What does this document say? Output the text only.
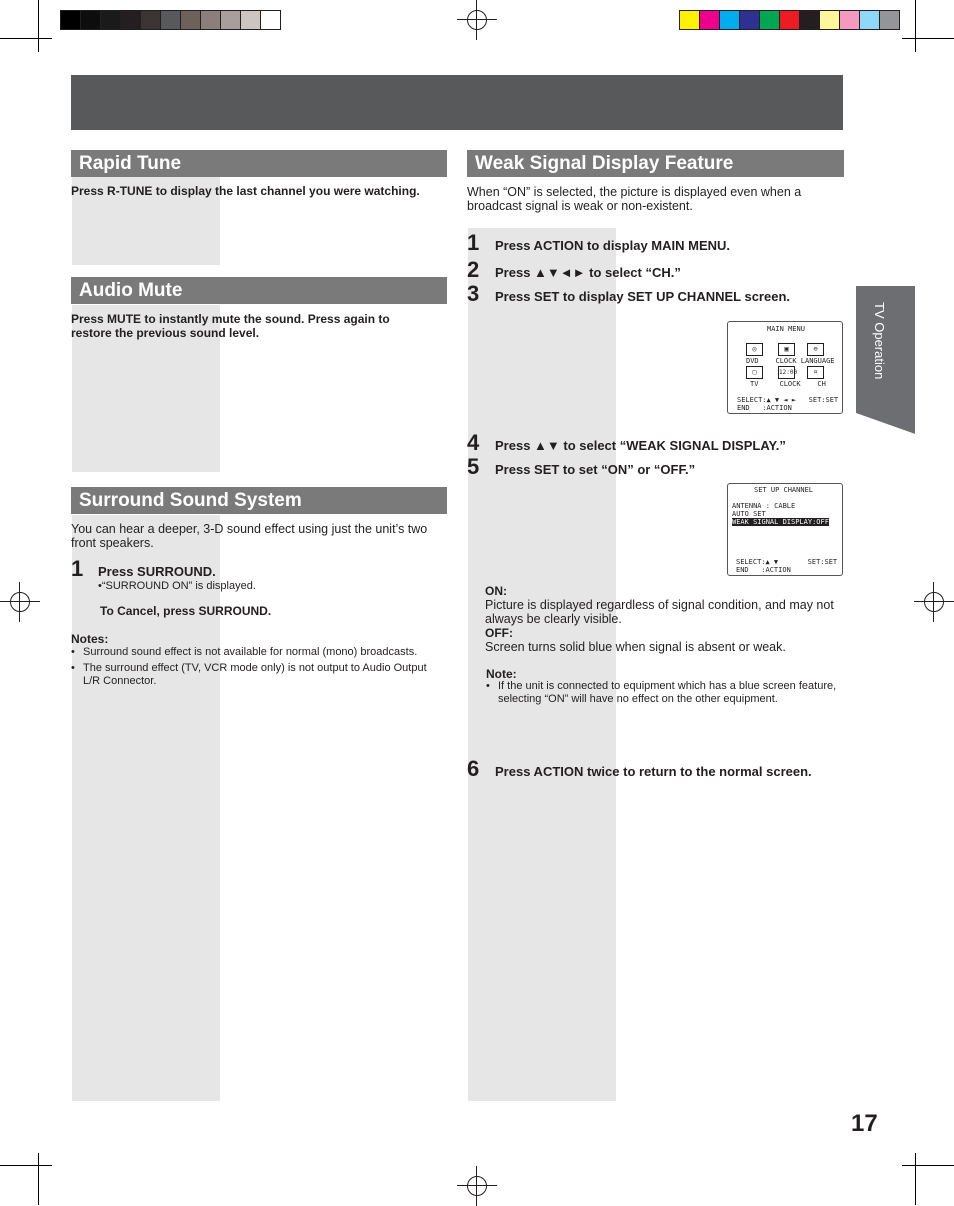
TV Operation
Rapid Tune
Press R-TUNE to display the last channel you were watching.
Audio Mute
Press MUTE to instantly mute the sound. Press again to
restore the previous sound level.
Surround Sound System
You can hear a deeper, 3-D sound effect using just the unit’s two
front speakers.
1 Press SURROUND.
•“SURROUND ON” is displayed.
To Cancel, press SURROUND.
Notes:
• Surround sound effect is not available for normal (mono) broadcasts.
• The surround effect (TV, VCR mode only) is not output to Audio Output
L/R Connector.
Weak Signal Display Feature
When “ON” is selected, the picture is displayed even when a
broadcast signal is weak or non-existent.
1 Press ACTION to display MAIN MENU.
2 Press ▲▼◄► to select “CH.”
3 Press SET to display SET UP CHANNEL screen.
MAIN MENU
◎	▣	⊖
DVD    CLOCK LANGUAGE
▢	12:00	¤
TV     CLOCK    CH
SELECT:▲ ▼ ◄ ►   SET:SET
END   :ACTION
4 Press ▲▼ to select “WEAK SIGNAL DISPLAY.”
5 Press SET to set “ON” or “OFF.”
SET UP CHANNEL
ANTENNA : CABLE
AUTO SET
WEAK SIGNAL DISPLAY:OFF
SELECT:▲ ▼       SET:SET
END   :ACTION
ON:
Picture is displayed regardless of signal condition, and may not
always be clearly visible.
OFF:
Screen turns solid blue when signal is absent or weak.
Note:
• If the unit is connected to equipment which has a blue screen feature,
selecting “ON” will have no effect on the other equipment.
6 Press ACTION twice to return to the normal screen.
17
